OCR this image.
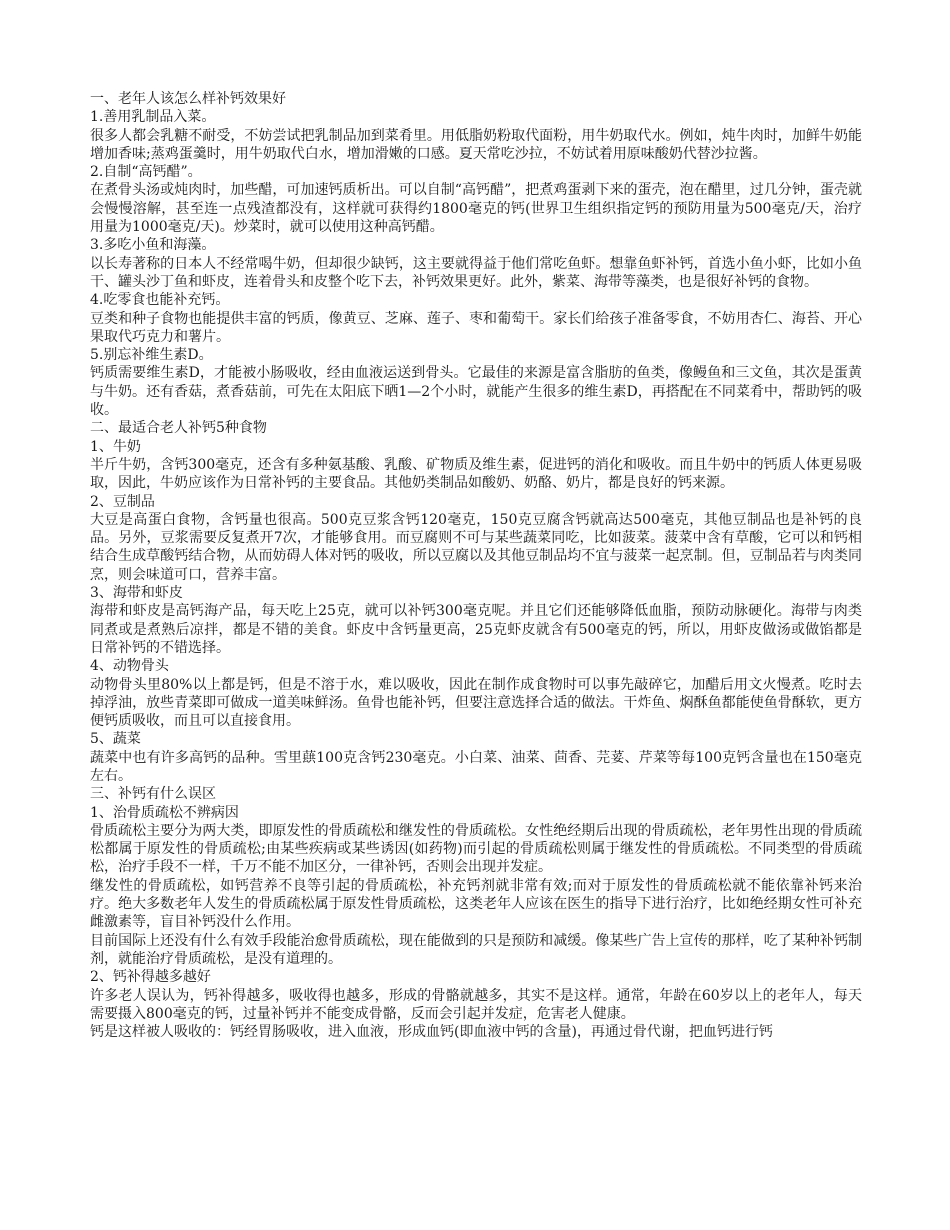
一、老年人该怎么样补钙效果好

1.善用乳制品入菜。

很多人都会乳糖不耐受，不妨尝试把乳制品加到菜肴里。用低脂奶粉取代面粉，用牛奶取代水。例如，炖牛肉时，加鲜牛奶能增加香味;蒸鸡蛋羹时，用牛奶取代白水，增加滑嫩的口感。夏天常吃沙拉，不妨试着用原味酸奶代替沙拉酱。

2.自制“高钙醋”。

在煮骨头汤或炖肉时，加些醋，可加速钙质析出。可以自制“高钙醋”，把煮鸡蛋剥下来的蛋壳，泡在醋里，过几分钟，蛋壳就会慢慢溶解，甚至连一点残渣都没有，这样就可获得约1800毫克的钙(世界卫生组织指定钙的预防用量为500毫克/天，治疗用量为1000毫克/天)。炒菜时，就可以使用这种高钙醋。

3.多吃小鱼和海藻。

以长寿著称的日本人不经常喝牛奶，但却很少缺钙，这主要就得益于他们常吃鱼虾。想靠鱼虾补钙，首选小鱼小虾，比如小鱼干、罐头沙丁鱼和虾皮，连着骨头和皮整个吃下去，补钙效果更好。此外，紫菜、海带等藻类，也是很好补钙的食物。

4.吃零食也能补充钙。

豆类和种子食物也能提供丰富的钙质，像黄豆、芝麻、莲子、枣和葡萄干。家长们给孩子准备零食，不妨用杏仁、海苔、开心果取代巧克力和薯片。

5.别忘补维生素D。

钙质需要维生素D，才能被小肠吸收，经由血液运送到骨头。它最佳的来源是富含脂肪的鱼类，像鳗鱼和三文鱼，其次是蛋黄与牛奶。还有香菇，煮香菇前，可先在太阳底下晒1—2个小时，就能产生很多的维生素D，再搭配在不同菜肴中，帮助钙的吸收。

二、最适合老人补钙5种食物

1、牛奶

半斤牛奶，含钙300毫克，还含有多种氨基酸、乳酸、矿物质及维生素，促进钙的消化和吸收。而且牛奶中的钙质人体更易吸取，因此，牛奶应该作为日常补钙的主要食品。其他奶类制品如酸奶、奶酪、奶片，都是良好的钙来源。

2、豆制品

大豆是高蛋白食物，含钙量也很高。500克豆浆含钙120毫克，150克豆腐含钙就高达500毫克，其他豆制品也是补钙的良品。另外，豆浆需要反复煮开7次，才能够食用。而豆腐则不可与某些蔬菜同吃，比如菠菜。菠菜中含有草酸，它可以和钙相结合生成草酸钙结合物，从而妨碍人体对钙的吸收，所以豆腐以及其他豆制品均不宜与菠菜一起烹制。但，豆制品若与肉类同烹，则会味道可口，营养丰富。

3、海带和虾皮

海带和虾皮是高钙海产品，每天吃上25克，就可以补钙300毫克呢。并且它们还能够降低血脂，预防动脉硬化。海带与肉类同煮或是煮熟后凉拌，都是不错的美食。虾皮中含钙量更高，25克虾皮就含有500毫克的钙，所以，用虾皮做汤或做馅都是日常补钙的不错选择。

4、动物骨头

动物骨头里80%以上都是钙，但是不溶于水，难以吸收，因此在制作成食物时可以事先敲碎它，加醋后用文火慢煮。吃时去掉浮油，放些青菜即可做成一道美味鲜汤。鱼骨也能补钙，但要注意选择合适的做法。干炸鱼、焖酥鱼都能使鱼骨酥软，更方便钙质吸收，而且可以直接食用。

5、蔬菜

蔬菜中也有许多高钙的品种。雪里蕻100克含钙230毫克。小白菜、油菜、茴香、芫荽、芹菜等每100克钙含量也在150毫克左右。

三、补钙有什么误区

1、治骨质疏松不辨病因

骨质疏松主要分为两大类，即原发性的骨质疏松和继发性的骨质疏松。女性绝经期后出现的骨质疏松，老年男性出现的骨质疏松都属于原发性的骨质疏松;由某些疾病或某些诱因(如药物)而引起的骨质疏松则属于继发性的骨质疏松。不同类型的骨质疏松，治疗手段不一样，千万不能不加区分，一律补钙，否则会出现并发症。

继发性的骨质疏松，如钙营养不良等引起的骨质疏松，补充钙剂就非常有效;而对于原发性的骨质疏松就不能依靠补钙来治疗。绝大多数老年人发生的骨质疏松属于原发性骨质疏松，这类老年人应该在医生的指导下进行治疗，比如绝经期女性可补充雌激素等，盲目补钙没什么作用。

目前国际上还没有什么有效手段能治愈骨质疏松，现在能做到的只是预防和减缓。像某些广告上宣传的那样，吃了某种补钙制剂，就能治疗骨质疏松，是没有道理的。

2、钙补得越多越好

许多老人误认为，钙补得越多，吸收得也越多，形成的骨骼就越多，其实不是这样。通常，年龄在60岁以上的老年人，每天需要摄入800毫克的钙，过量补钙并不能变成骨骼，反而会引起并发症，危害老人健康。

钙是这样被人吸收的：钙经胃肠吸收，进入血液，形成血钙(即血液中钙的含量)，再通过骨代谢，把血钙进行钙
